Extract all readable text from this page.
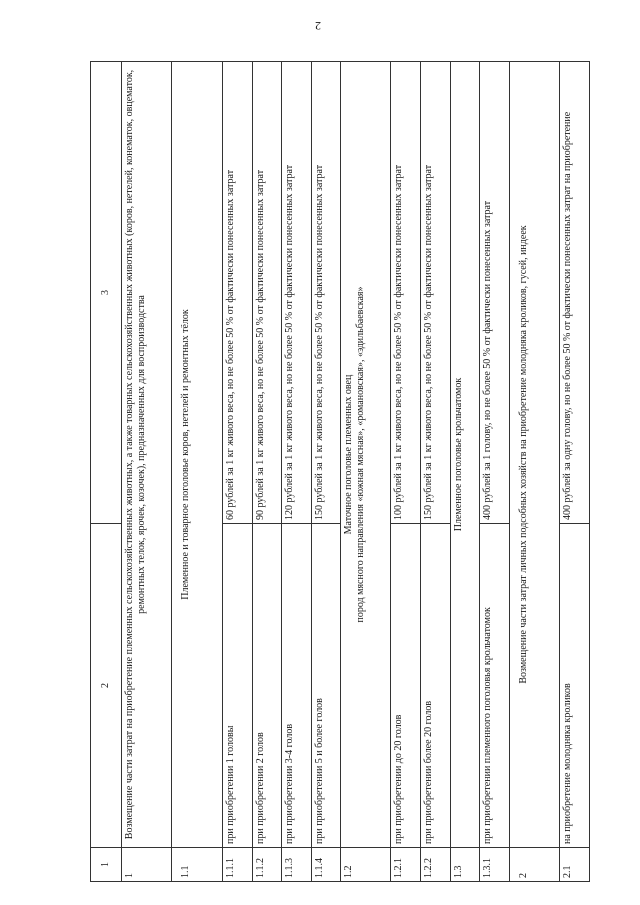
2
1	2	3
1	Возмещение части затрат на приобретение племенных сельскохозяйственных животных, а также товарных сельскохозяйственных животных (коров, нетелей, конематок, овцематок, ремонтных телок, ярочек, козочек), предназначенных для воспроизводства	
1.1	Племенное и товарное поголовье коров, нетелей и ремонтных тёлок	
1.1.1	при приобретении 1 головы	60 рублей за 1 кг живого веса, но не более 50 % от фактически понесенных затрат
1.1.2	при приобретении 2 голов	90 рублей за 1 кг живого веса, но не более 50 % от фактически понесенных затрат
1.1.3	при приобретении 3-4 голов	120 рублей за 1 кг живого веса, но не более 50 % от фактически понесенных затрат
1.1.4	при приобретении 5 и более голов	150 рублей за 1 кг живого веса, но не более 50 % от фактически понесенных затрат
1.2	Маточное поголовье племенных овец
пород мясного направления «южная мясная», «романовская», «эдильбаевская»	
1.2.1	при приобретении до 20 голов	100 рублей за 1 кг живого веса, но не более 50 % от фактически понесенных затрат
1.2.2	при приобретении более 20 голов	150 рублей за 1 кг живого веса, но не более 50 % от фактически понесенных затрат
1.3	Племенное поголовье крольчатомок	
1.3.1	при приобретении племенного поголовья крольчатомок	400 рублей за 1 голову, но не более 50 % от фактически понесенных затрат
2	Возмещение части затрат личных подсобных хозяйств на приобретение молодняка кроликов, гусей, индеек	
2.1	на приобретение молодняка кроликов	400 рублей за одну голову, но не более 50 % от фактически понесенных затрат на приобретение
